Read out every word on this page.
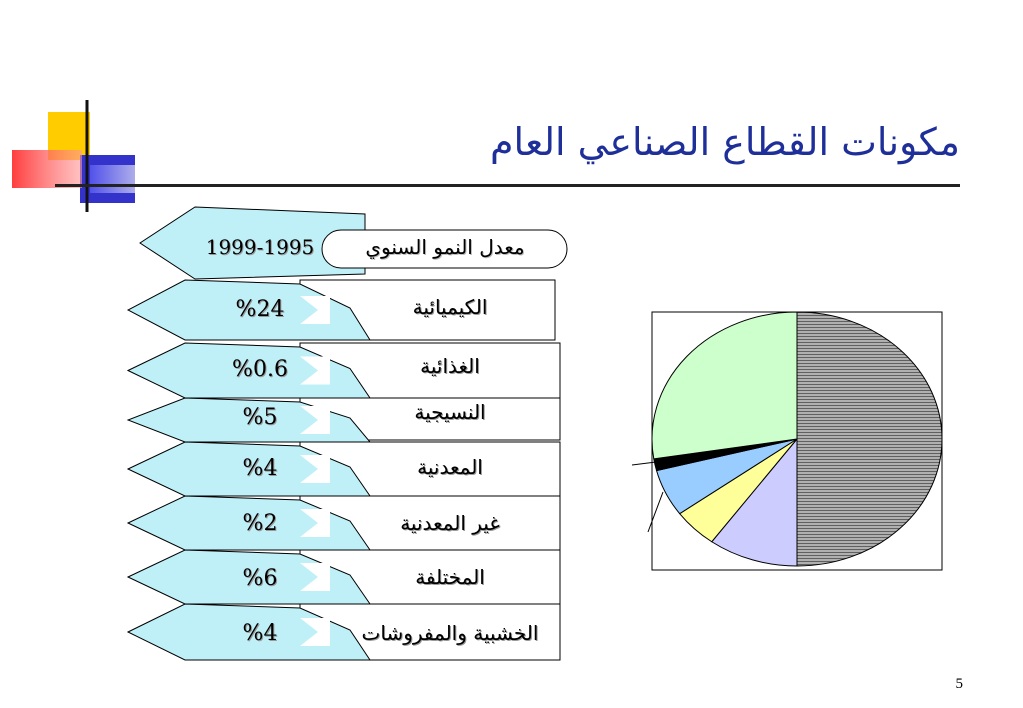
مكونات القطاع الصناعي العام
معدل النمو السنوي
1999-1995
الكيميائية
%24
الغذائية
%0.6
النسيجية
%5
المعدنية
%4
غير المعدنية
%2
المختلفة
%6
الخشبية والمفروشات
%4
5
